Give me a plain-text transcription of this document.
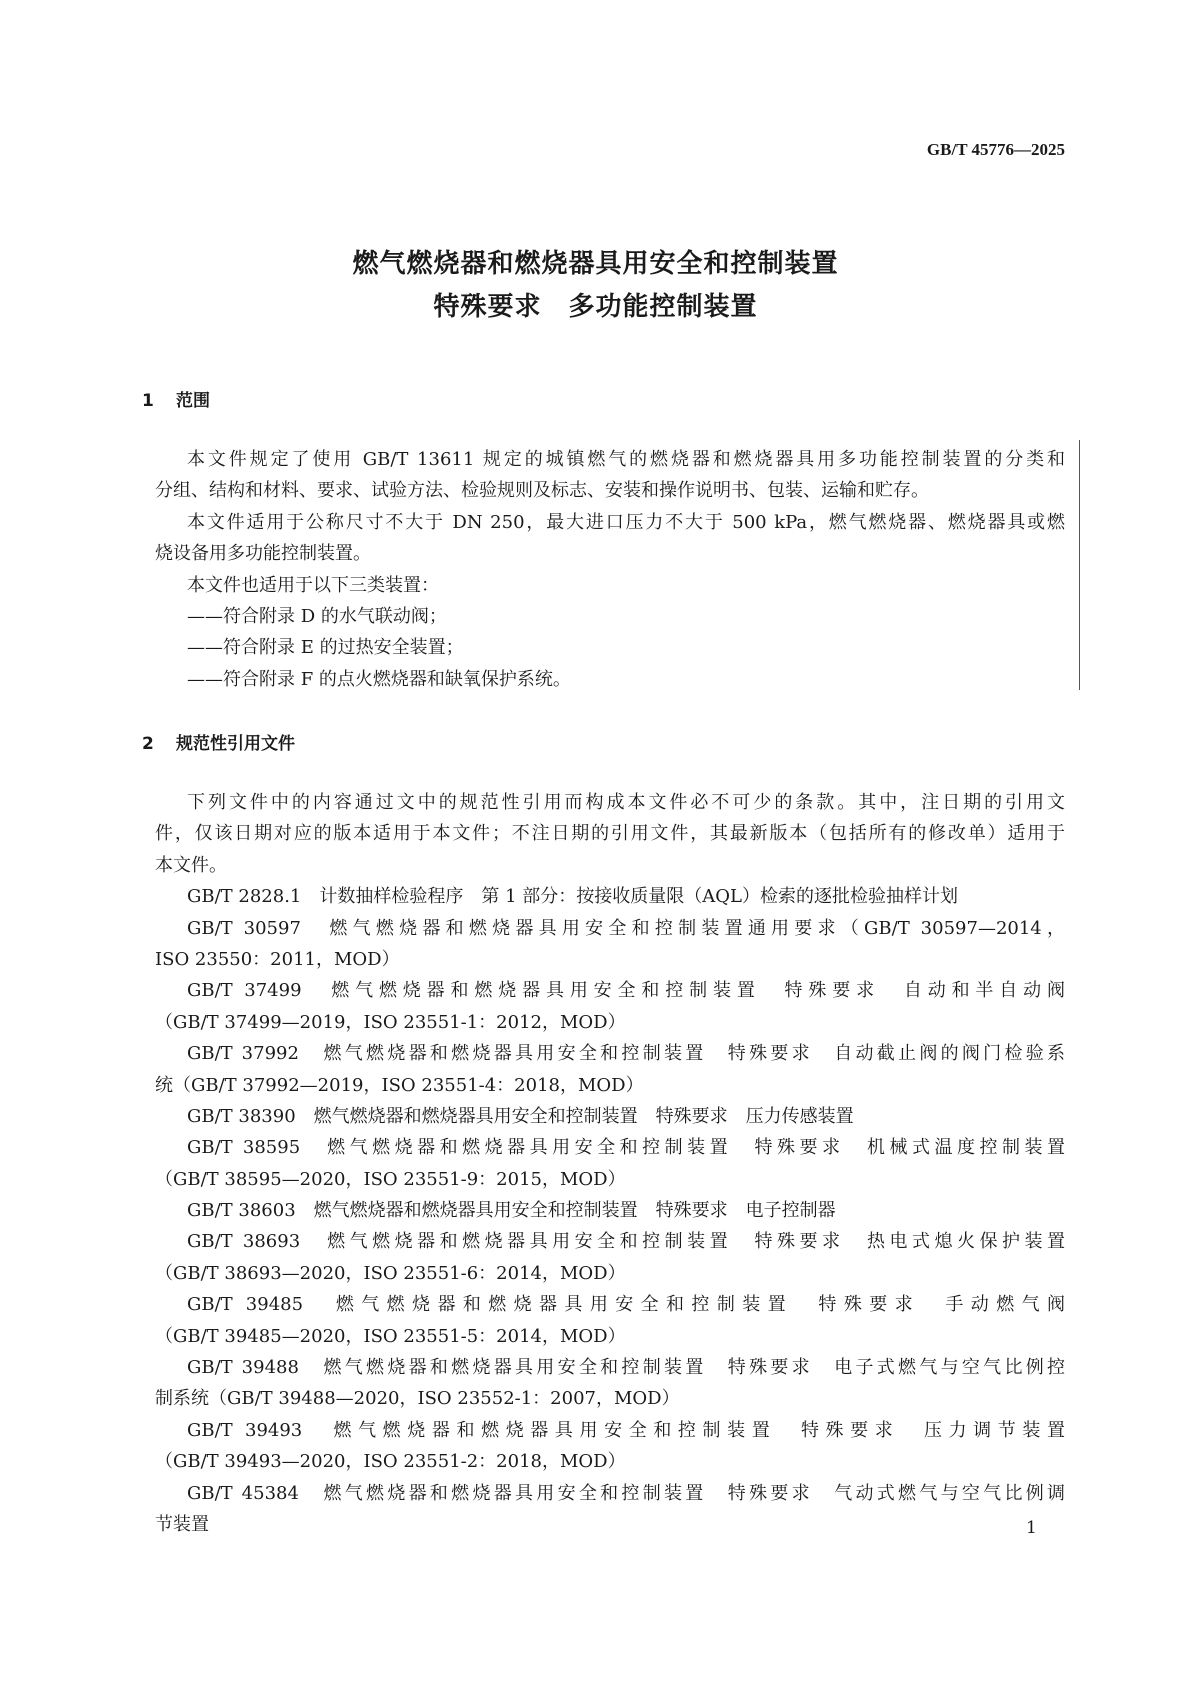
GB/T 45776—2025
燃气燃烧器和燃烧器具用安全和控制装置
特殊要求　多功能控制装置
1 范围
本文件规定了使用 GB/T 13611 规定的城镇燃气的燃烧器和燃烧器具用多功能控制装置的分类和
分组、结构和材料、要求、试验方法、检验规则及标志、安装和操作说明书、包装、运输和贮存。
本文件适用于公称尺寸不大于 DN 250，最大进口压力不大于 500 kPa，燃气燃烧器、燃烧器具或燃
烧设备用多功能控制装置。
本文件也适用于以下三类装置：
——符合附录 D 的水气联动阀；
——符合附录 E 的过热安全装置；
——符合附录 F 的点火燃烧器和缺氧保护系统。
2 规范性引用文件
下列文件中的内容通过文中的规范性引用而构成本文件必不可少的条款。其中，注日期的引用文
件，仅该日期对应的版本适用于本文件；不注日期的引用文件，其最新版本（包括所有的修改单）适用于
本文件。
GB/T 2828.1　计数抽样检验程序　第 1 部分：按接收质量限（AQL）检索的逐批检验抽样计划
GB/T 30597　燃气燃烧器和燃烧器具用安全和控制装置通用要求（GB/T 30597—2014，
ISO 23550：2011，MOD）
GB/T 37499　燃气燃烧器和燃烧器具用安全和控制装置　特殊要求　自动和半自动阀
（GB/T 37499—2019，ISO 23551-1：2012，MOD）
GB/T 37992　燃气燃烧器和燃烧器具用安全和控制装置　特殊要求　自动截止阀的阀门检验系
统（GB/T 37992—2019，ISO 23551-4：2018，MOD）
GB/T 38390　燃气燃烧器和燃烧器具用安全和控制装置　特殊要求　压力传感装置
GB/T 38595　燃气燃烧器和燃烧器具用安全和控制装置　特殊要求　机械式温度控制装置
（GB/T 38595—2020，ISO 23551-9：2015，MOD）
GB/T 38603　燃气燃烧器和燃烧器具用安全和控制装置　特殊要求　电子控制器
GB/T 38693　燃气燃烧器和燃烧器具用安全和控制装置　特殊要求　热电式熄火保护装置
（GB/T 38693—2020，ISO 23551-6：2014，MOD）
GB/T 39485　燃气燃烧器和燃烧器具用安全和控制装置　特殊要求　手动燃气阀
（GB/T 39485—2020，ISO 23551-5：2014，MOD）
GB/T 39488　燃气燃烧器和燃烧器具用安全和控制装置　特殊要求　电子式燃气与空气比例控
制系统（GB/T 39488—2020，ISO 23552-1：2007，MOD）
GB/T 39493　燃气燃烧器和燃烧器具用安全和控制装置　特殊要求　压力调节装置
（GB/T 39493—2020，ISO 23551-2：2018，MOD）
GB/T 45384　燃气燃烧器和燃烧器具用安全和控制装置　特殊要求　气动式燃气与空气比例调
节装置	1
